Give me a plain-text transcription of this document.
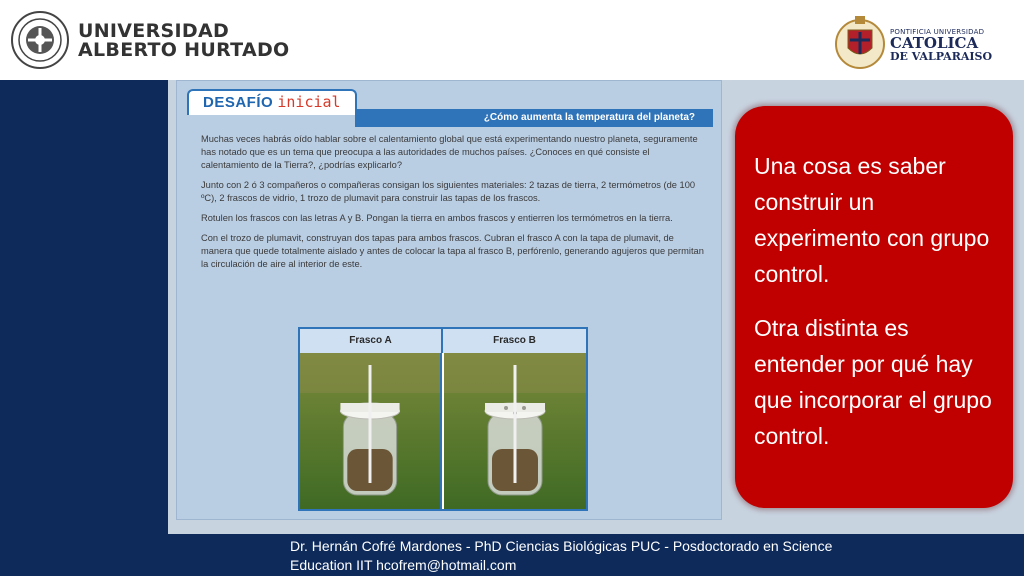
UNIVERSIDAD
ALBERTO HURTADO
PONTIFICIA UNIVERSIDAD
CATOLICA
DE VALPARAISO
¿Cómo aumenta la temperatura del planeta?
DESAFÍO inicial

Muchas veces habrás oído hablar sobre el calentamiento global que está experimentando nuestro planeta, seguramente has notado que es un tema que preocupa a las autoridades de muchos países. ¿Conoces en qué consiste el calentamiento de la Tierra?, ¿podrías explicarlo?

Junto con 2 ó 3 compañeros o compañeras consigan los siguientes materiales: 2 tazas de tierra, 2 termómetros (de 100 ºC), 2 frascos de vidrio, 1 trozo de plumavit para construir las tapas de los frascos.

Rotulen los frascos con las letras A y B. Pongan la tierra en ambos frascos y entierren los termómetros en la tierra.

Con el trozo de plumavit, construyan dos tapas para ambos frascos. Cubran el frasco A con la tapa de plumavit, de manera que quede totalmente aislado y antes de colocar la tapa al frasco B, perfórenlo, generando agujeros que permitan la circulación de aire al interior de este.

Frasco A	Frasco B

Una cosa es saber construir un experimento con grupo control.

Otra distinta es entender por qué hay que incorporar el grupo control.

Dr. Hernán Cofré Mardones - PhD Ciencias Biológicas PUC - Posdoctorado en Science
Education IIT hcofrem@hotmail.com
